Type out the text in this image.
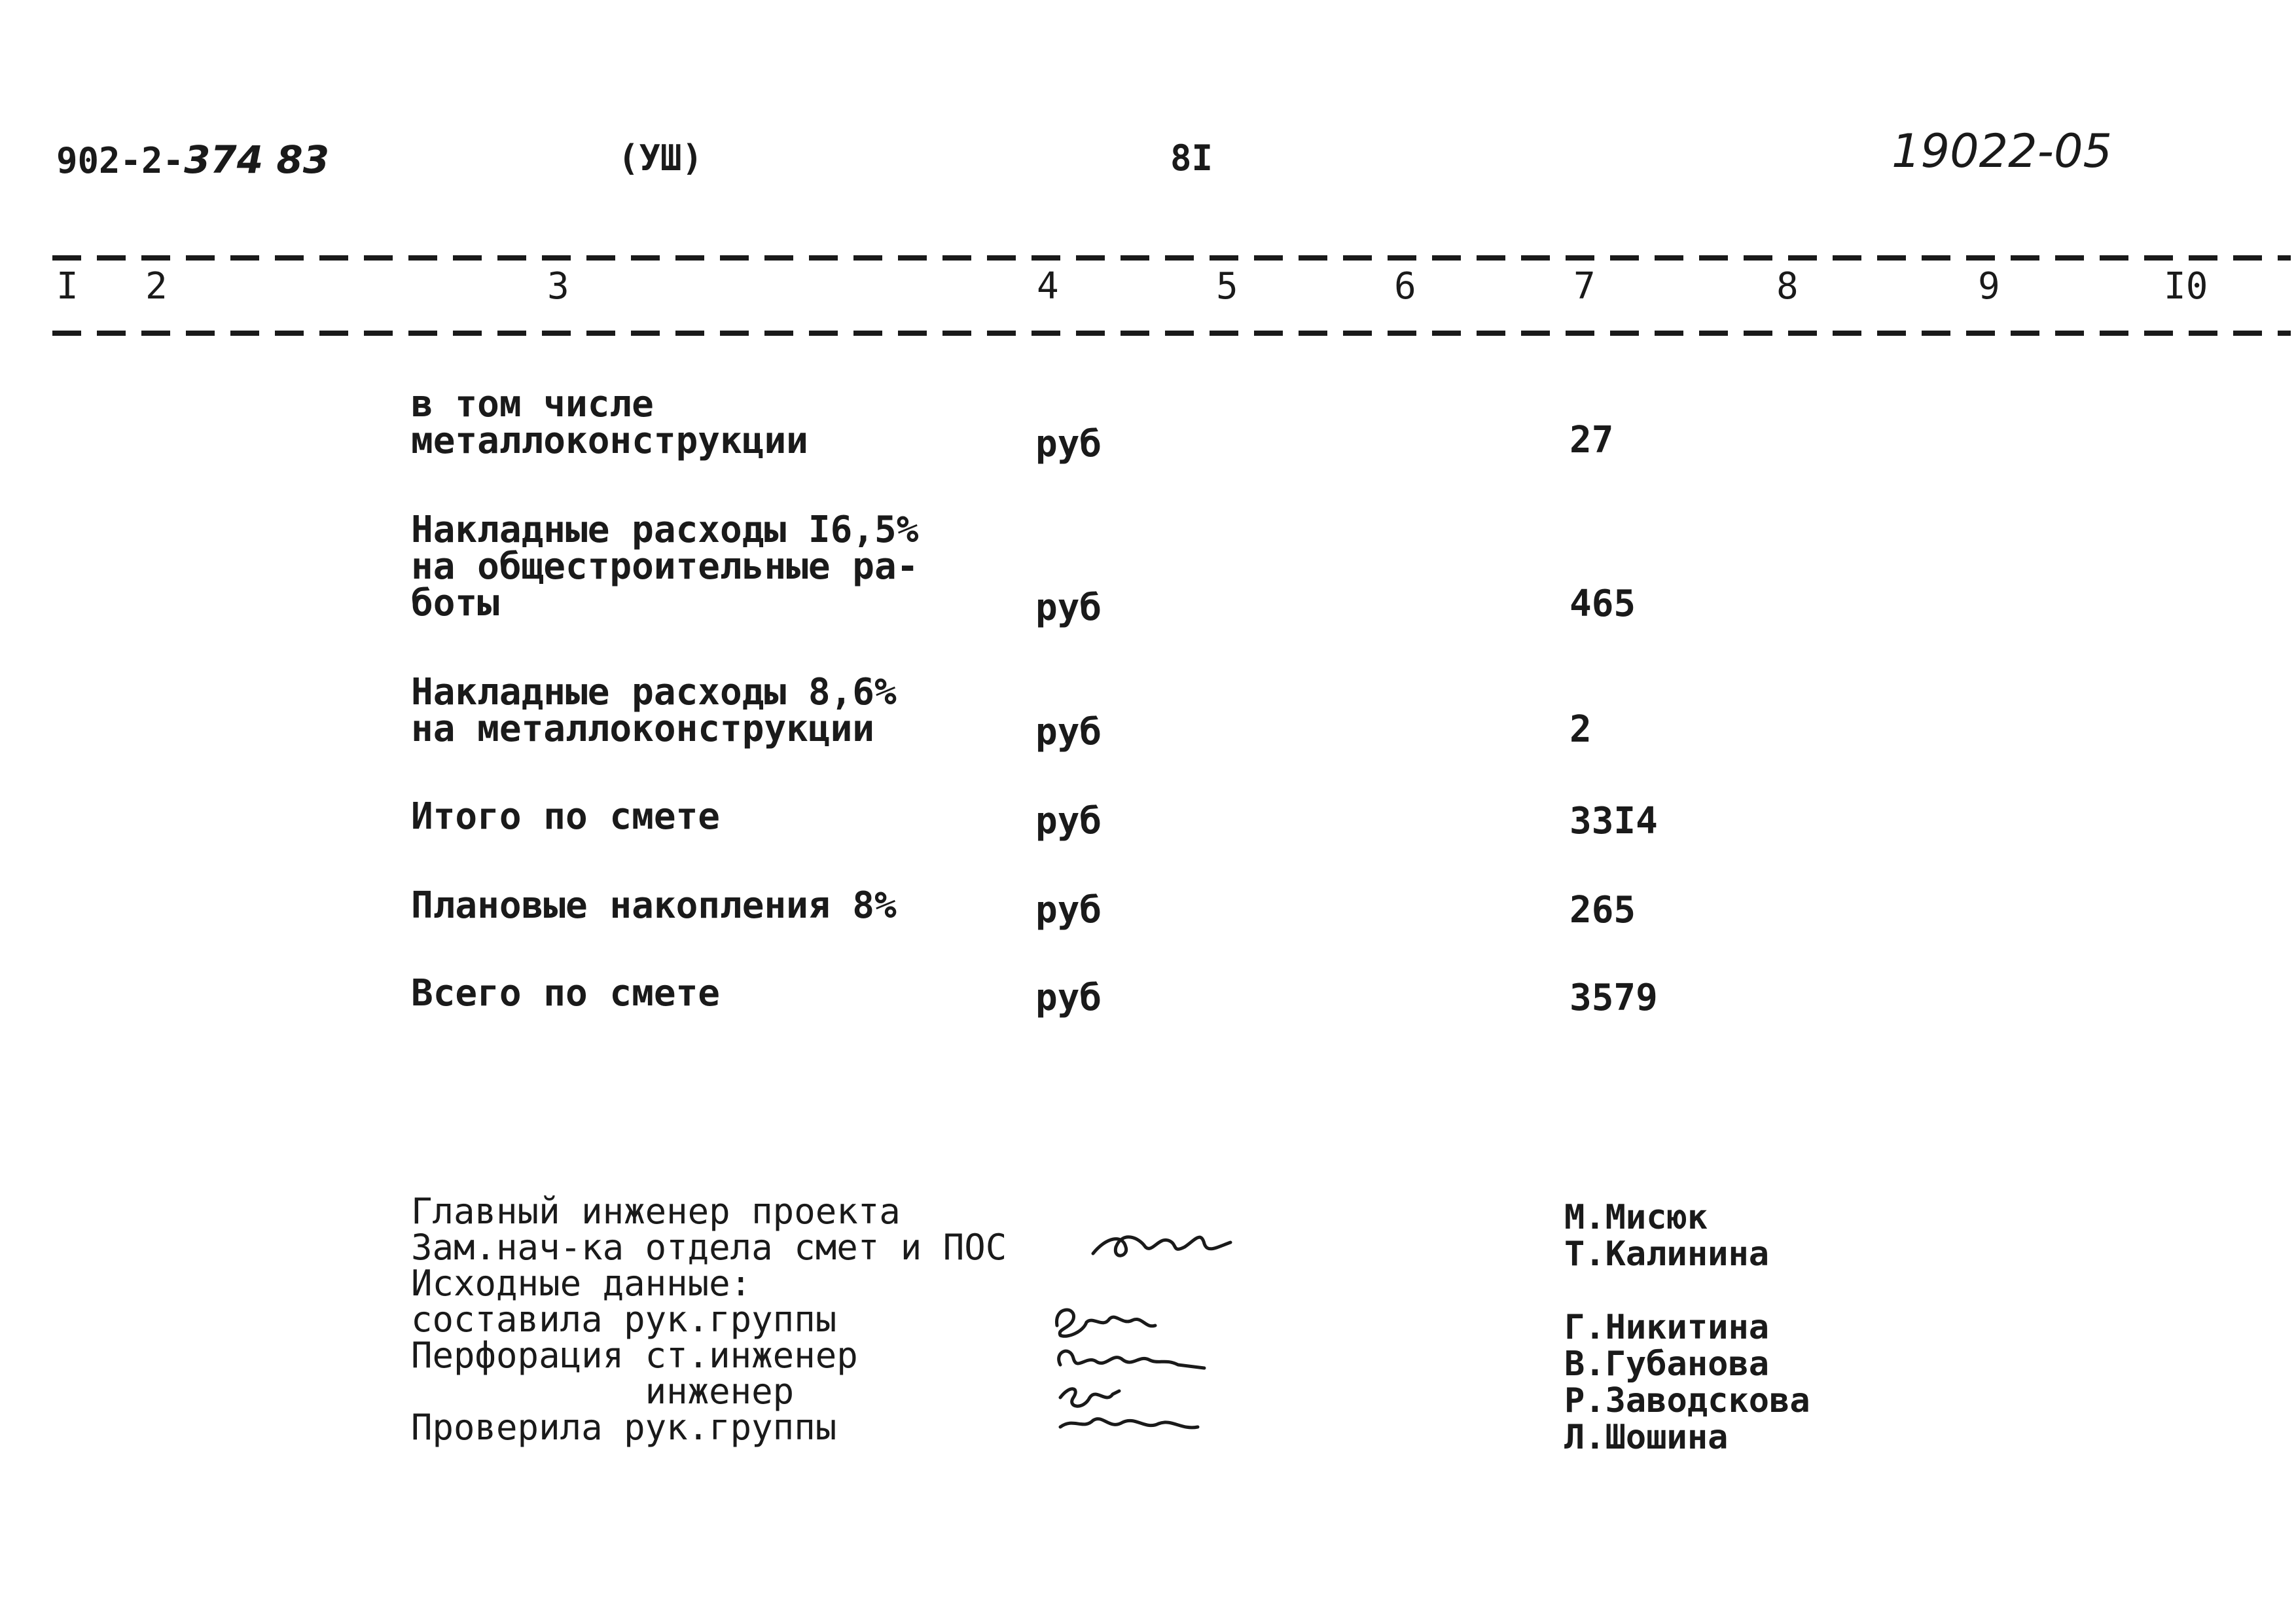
902-2-374 83	(УШ)	8I	19022-05
I 2	3	4	5	6	7	8	9	I0
в том числе
металлоконструкции	руб	27
Накладные расходы I6,5%
на общестроительные ра-
боты	руб	465
Накладные расходы 8,6%
на металлоконструкции	руб	2
Итого по смете	руб	33I4
Плановые накопления 8%	руб	265
Всего по смете	руб	3579
Главный инженер проекта
Зам.нач-ка отдела смет и ПОС
Исходные данные:
составила рук.группы
Перфорация ст.инженер
инженер
Проверила рук.группы
М.Мисюк
Т.Калинина
Г.Никитина
В.Губанова
Р.Заводскова
Л.Шошина
